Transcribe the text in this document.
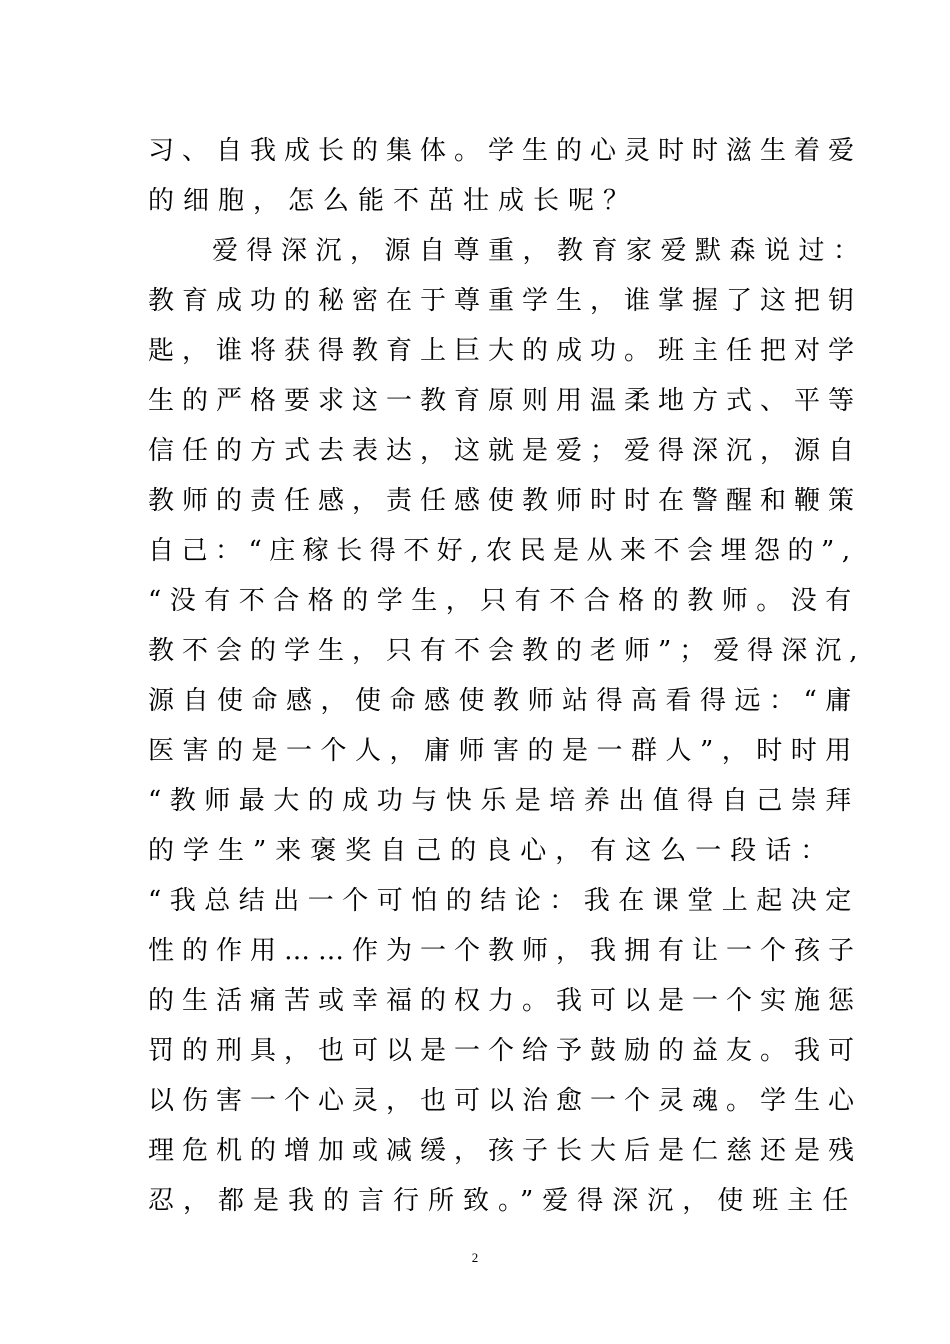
习、自我成长的集体。学生的心灵时时滋生着爱
的细胞，怎么能不茁壮成长呢？
爱得深沉，源自尊重，教育家爱默森说过：
教育成功的秘密在于尊重学生，谁掌握了这把钥
匙，谁将获得教育上巨大的成功。班主任把对学
生的严格要求这一教育原则用温柔地方式、平等
信任的方式去表达，这就是爱；爱得深沉，源自
教师的责任感，责任感使教师时时在警醒和鞭策
自己：“庄稼长得不好,农民是从来不会埋怨的”,
“没有不合格的学生，只有不合格的教师。没有
教不会的学生，只有不会教的老师”；爱得深沉,
源自使命感，使命感使教师站得高看得远：“庸
医害的是一个人，庸师害的是一群人”，时时用
“教师最大的成功与快乐是培养出值得自己崇拜
的学生”来褒奖自己的良心，有这么一段话：
“我总结出一个可怕的结论：我在课堂上起决定
性的作用……作为一个教师，我拥有让一个孩子
的生活痛苦或幸福的权力。我可以是一个实施惩
罚的刑具，也可以是一个给予鼓励的益友。我可
以伤害一个心灵，也可以治愈一个灵魂。学生心
理危机的增加或减缓，孩子长大后是仁慈还是残
忍，都是我的言行所致。”爱得深沉，使班主任
2
